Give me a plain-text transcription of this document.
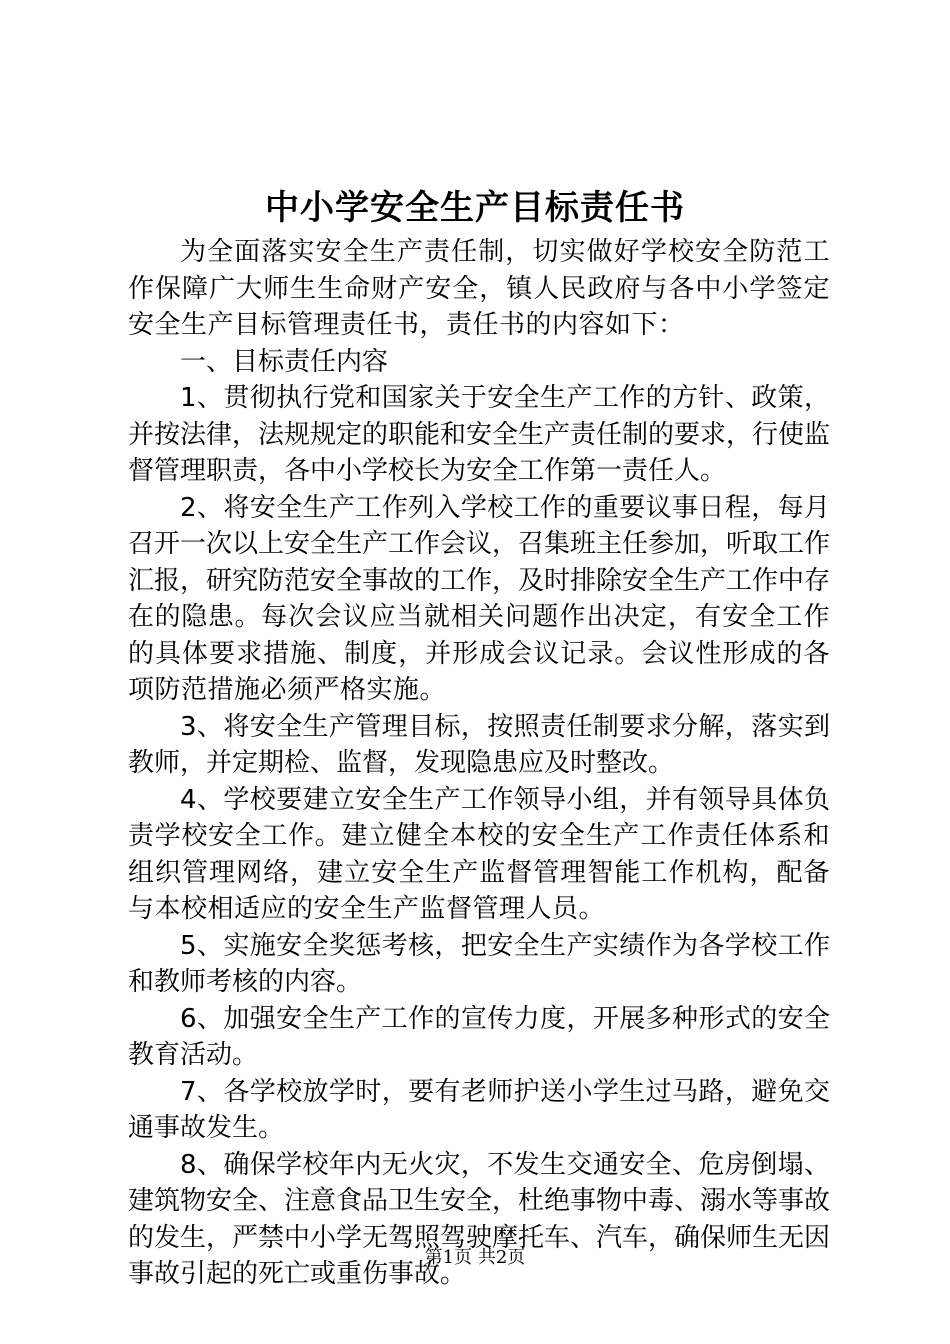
中小学安全生产目标责任书

为全面落实安全生产责任制，切实做好学校安全防范工作保障广大师生生命财产安全，镇人民政府与各中小学签定安全生产目标管理责任书，责任书的内容如下：

一、目标责任内容

1、贯彻执行党和国家关于安全生产工作的方针、政策，并按法律，法规规定的职能和安全生产责任制的要求，行使监督管理职责，各中小学校长为安全工作第一责任人。

2、将安全生产工作列入学校工作的重要议事日程，每月召开一次以上安全生产工作会议，召集班主任参加，听取工作汇报，研究防范安全事故的工作，及时排除安全生产工作中存在的隐患。每次会议应当就相关问题作出决定，有安全工作的具体要求措施、制度，并形成会议记录。会议性形成的各项防范措施必须严格实施。

3、将安全生产管理目标，按照责任制要求分解，落实到教师，并定期检、监督，发现隐患应及时整改。

4、学校要建立安全生产工作领导小组，并有领导具体负责学校安全工作。建立健全本校的安全生产工作责任体系和组织管理网络，建立安全生产监督管理智能工作机构，配备与本校相适应的安全生产监督管理人员。

5、实施安全奖惩考核，把安全生产实绩作为各学校工作和教师考核的内容。

6、加强安全生产工作的宣传力度，开展多种形式的安全教育活动。

7、各学校放学时，要有老师护送小学生过马路，避免交通事故发生。

8、确保学校年内无火灾，不发生交通安全、危房倒塌、建筑物安全、注意食品卫生安全，杜绝事物中毒、溺水等事故的发生，严禁中小学无驾照驾驶摩托车、汽车，确保师生无因事故引起的死亡或重伤事故。

第1页 共2页
